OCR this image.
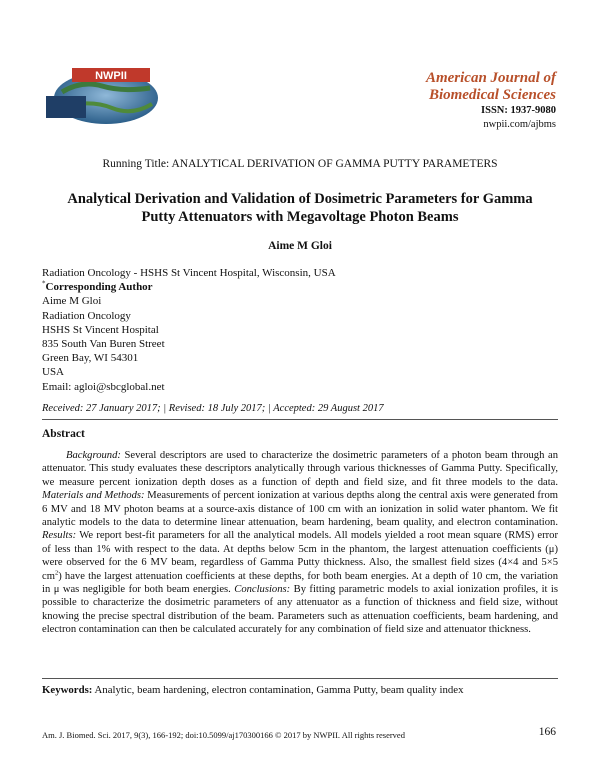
NWPII	American Journal of
Biomedical Sciences
ISSN: 1937-9080
nwpii.com/ajbms
Running Title: ANALYTICAL DERIVATION OF GAMMA PUTTY PARAMETERS
Analytical Derivation and Validation of Dosimetric Parameters for Gamma
Putty Attenuators with Megavoltage Photon Beams
Aime M Gloi
Radiation Oncology - HSHS St Vincent Hospital, Wisconsin, USA
*Corresponding Author
Aime M Gloi
Radiation Oncology
HSHS St Vincent Hospital
835 South Van Buren Street
Green Bay, WI 54301
USA
Email: agloi@sbcglobal.net
Received: 27 January 2017; | Revised: 18 July 2017; | Accepted: 29 August 2017
Abstract

Background: Several descriptors are used to characterize the dosimetric parameters of a photon beam through an attenuator. This study evaluates these descriptors analytically through various thicknesses of Gamma Putty. Specifically, we measure percent ionization depth doses as a function of depth and field size, and fit three models to the data. Materials and Methods: Measurements of percent ionization at various depths along the central axis were generated from 6 MV and 18 MV photon beams at a source-axis distance of 100 cm with an ionization in solid water phantom. We fit analytic models to the data to determine linear attenuation, beam hardening, beam quality, and electron contamination. Results: We report best-fit parameters for all the analytical models. All models yielded a root mean square (RMS) error of less than 1% with respect to the data. At depths below 5cm in the phantom, the largest attenuation coefficients (μ) were observed for the 6 MV beam, regardless of Gamma Putty thickness. Also, the smallest field sizes (4×4 and 5×5 $cm^2$) have the largest attenuation coefficients at these depths, for both beam energies. At a depth of 10 cm, the variation in μ was negligible for both beam energies. Conclusions: By fitting parametric models to axial ionization profiles, it is possible to characterize the dosimetric parameters of any attenuator as a function of thickness and field size, without knowing the precise spectral distribution of the beam. Parameters such as attenuation coefficients, beam hardening, and electron contamination can then be calculated accurately for any combination of field size and attenuator thickness.

Keywords: Analytic, beam hardening, electron contamination, Gamma Putty, beam quality index
Am. J. Biomed. Sci. 2017, 9(3), 166-192; doi:10.5099/aj170300166 © 2017 by NWPII. All rights reserved	166
